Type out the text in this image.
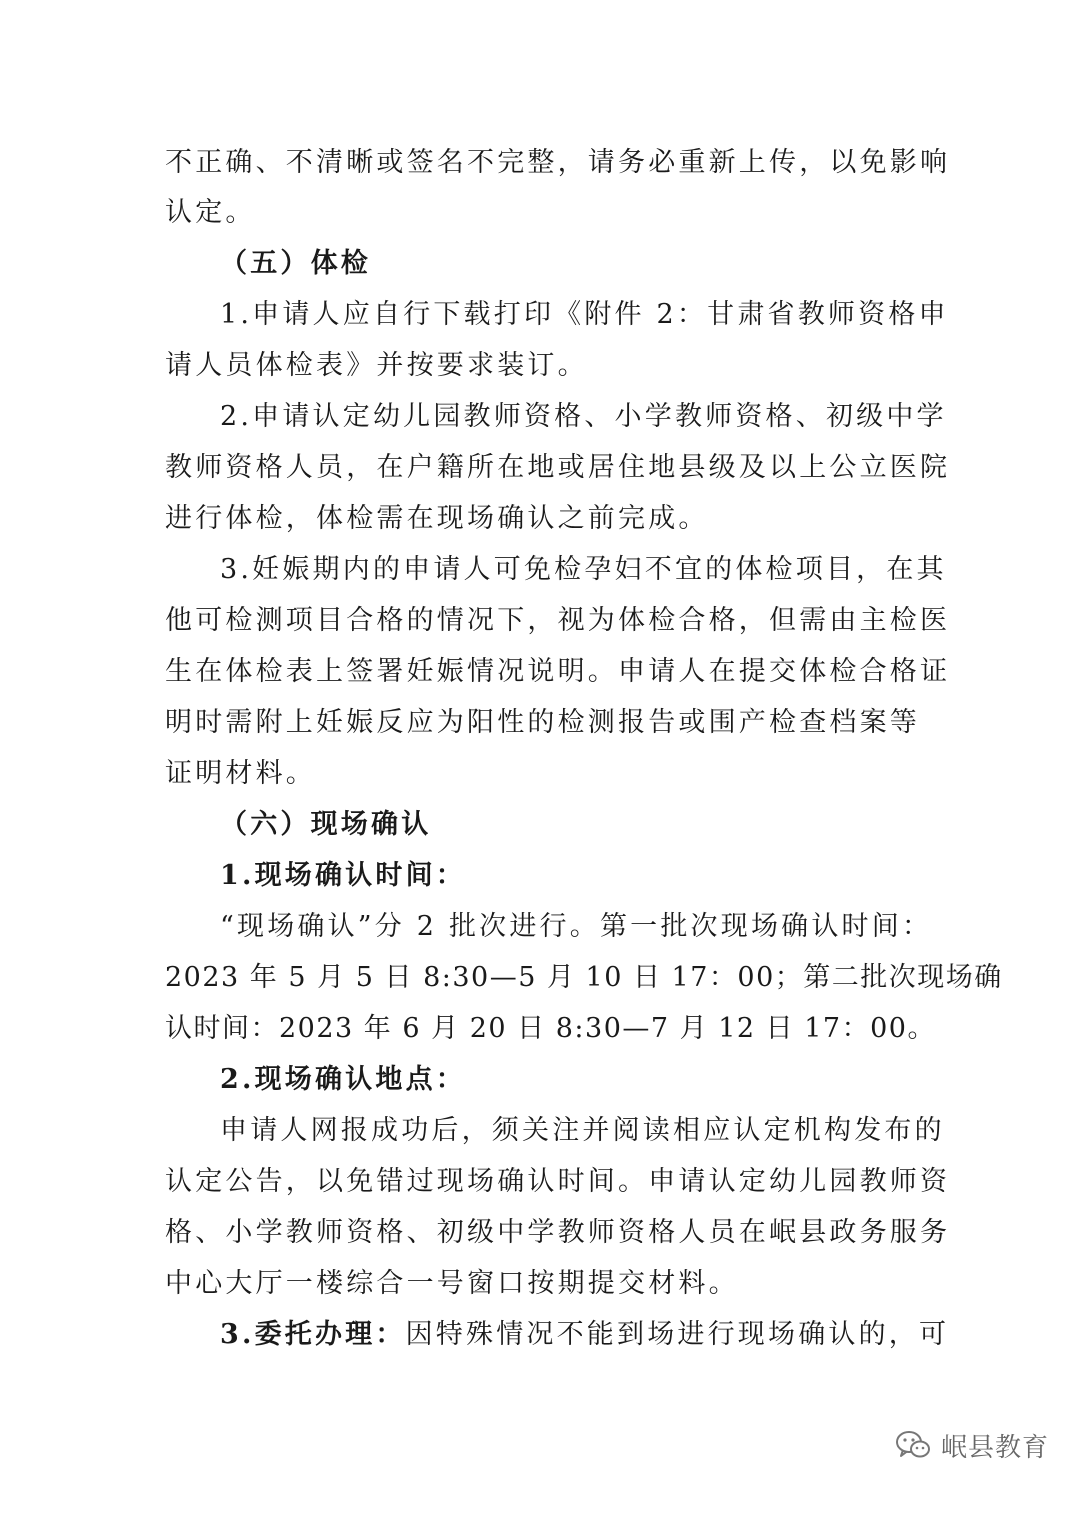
不正确、不清晰或签名不完整，请务必重新上传，以免影响
认定。
（五）体检
1.申请人应自行下载打印《附件 2：甘肃省教师资格申
请人员体检表》并按要求装订。
2.申请认定幼儿园教师资格、小学教师资格、初级中学
教师资格人员，在户籍所在地或居住地县级及以上公立医院
进行体检，体检需在现场确认之前完成。
3.妊娠期内的申请人可免检孕妇不宜的体检项目，在其
他可检测项目合格的情况下，视为体检合格，但需由主检医
生在体检表上签署妊娠情况说明。申请人在提交体检合格证
明时需附上妊娠反应为阳性的检测报告或围产检查档案等
证明材料。
（六）现场确认
1.现场确认时间：
“现场确认”分 2 批次进行。第一批次现场确认时间：
2023 年 5 月 5 日 8:30—5 月 10 日 17：00；第二批次现场确
认时间：2023 年 6 月 20 日 8:30—7 月 12 日 17：00。
2.现场确认地点：
申请人网报成功后，须关注并阅读相应认定机构发布的
认定公告，以免错过现场确认时间。申请认定幼儿园教师资
格、小学教师资格、初级中学教师资格人员在岷县政务服务
中心大厅一楼综合一号窗口按期提交材料。
3.委托办理：因特殊情况不能到场进行现场确认的，可
岷县教育
